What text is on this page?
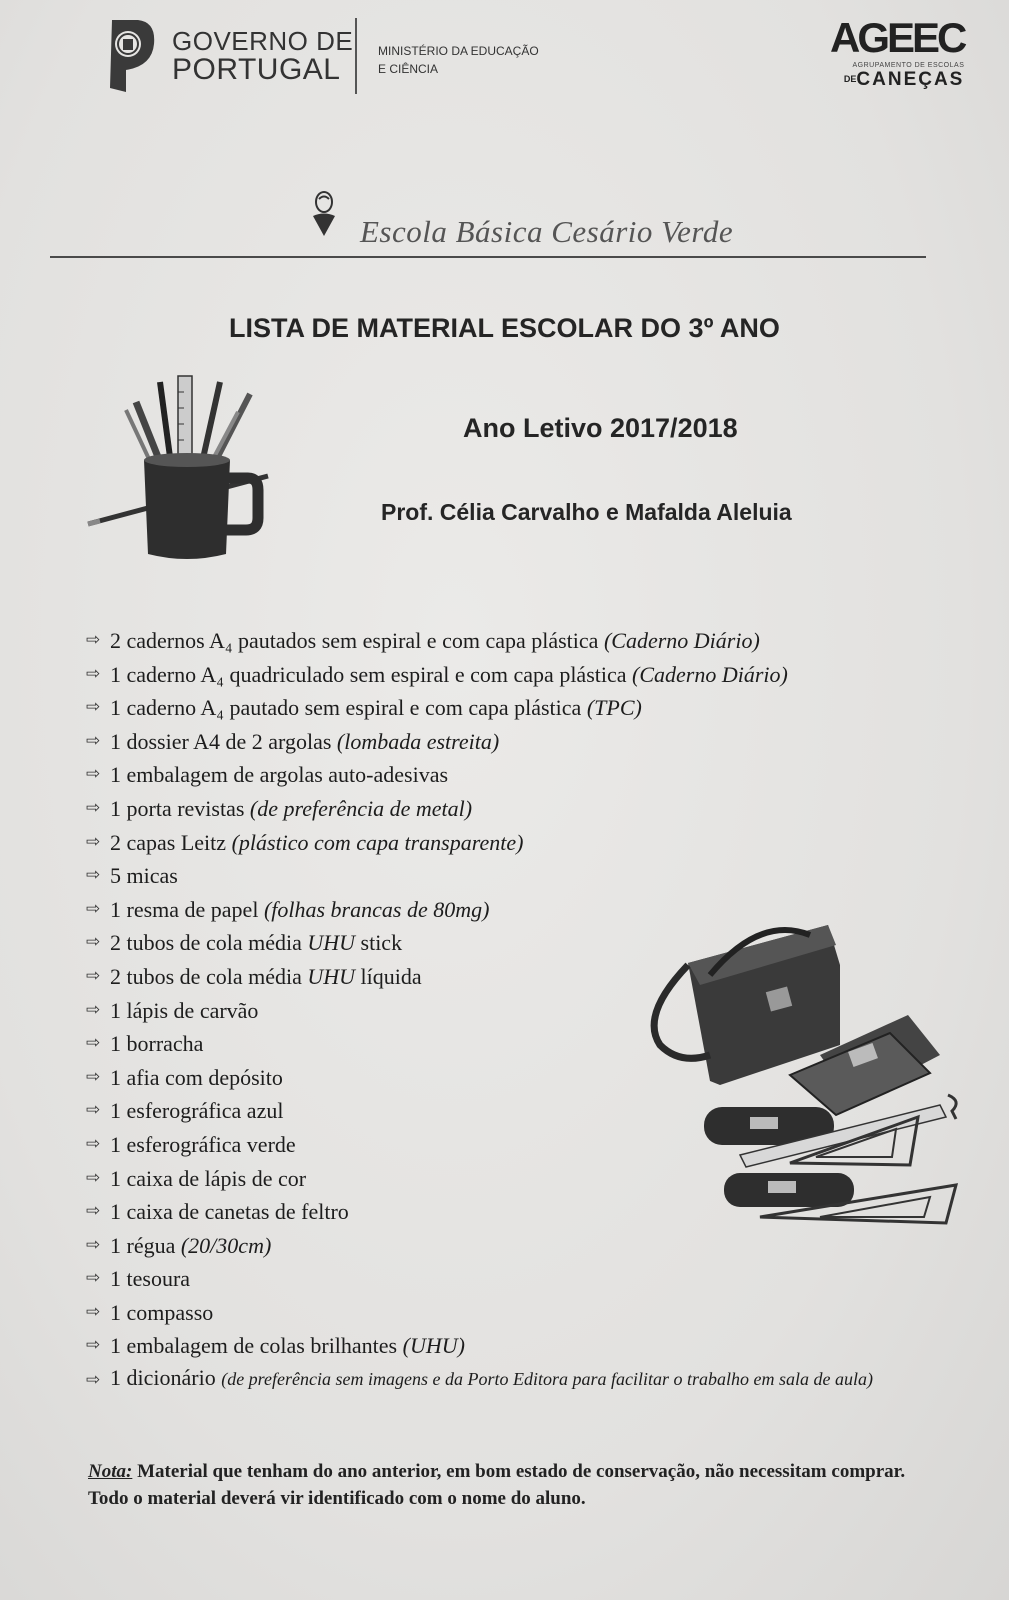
GOVERNO DE
PORTUGAL
MINISTÉRIO DA EDUCAÇÃO
E CIÊNCIA
AGEEC
AGRUPAMENTO DE ESCOLAS
$^{DE}$CANEÇAS
Escola Básica Cesário Verde
LISTA DE MATERIAL ESCOLAR DO 3º ANO
Ano Letivo 2017/2018
Prof. Célia Carvalho e Mafalda Aleluia
⇨ 2 cadernos A₄ pautados sem espiral e com capa plástica (Caderno Diário)
⇨ 1 caderno A₄ quadriculado sem espiral e com capa plástica (Caderno Diário)
⇨ 1 caderno A₄ pautado sem espiral e com capa plástica (TPC)
⇨ 1 dossier A4 de 2 argolas (lombada estreita)
⇨ 1 embalagem de argolas auto-adesivas
⇨ 1 porta revistas (de preferência de metal)
⇨ 2 capas Leitz (plástico com capa transparente)
⇨ 5 micas
⇨ 1 resma de papel (folhas brancas de 80mg)
⇨ 2 tubos de cola média UHU stick
⇨ 2 tubos de cola média UHU líquida
⇨ 1 lápis de carvão
⇨ 1 borracha
⇨ 1 afia com depósito
⇨ 1 esferográfica azul
⇨ 1 esferográfica verde
⇨ 1 caixa de lápis de cor
⇨ 1 caixa de canetas de feltro
⇨ 1 régua (20/30cm)
⇨ 1 tesoura
⇨ 1 compasso
⇨ 1 embalagem de colas brilhantes (UHU)
⇨ 1 dicionário (de preferência sem imagens e da Porto Editora para facilitar o trabalho em sala de aula)

Nota: Material que tenham do ano anterior, em bom estado de conservação, não necessitam comprar.

Todo o material deverá vir identificado com o nome do aluno.
